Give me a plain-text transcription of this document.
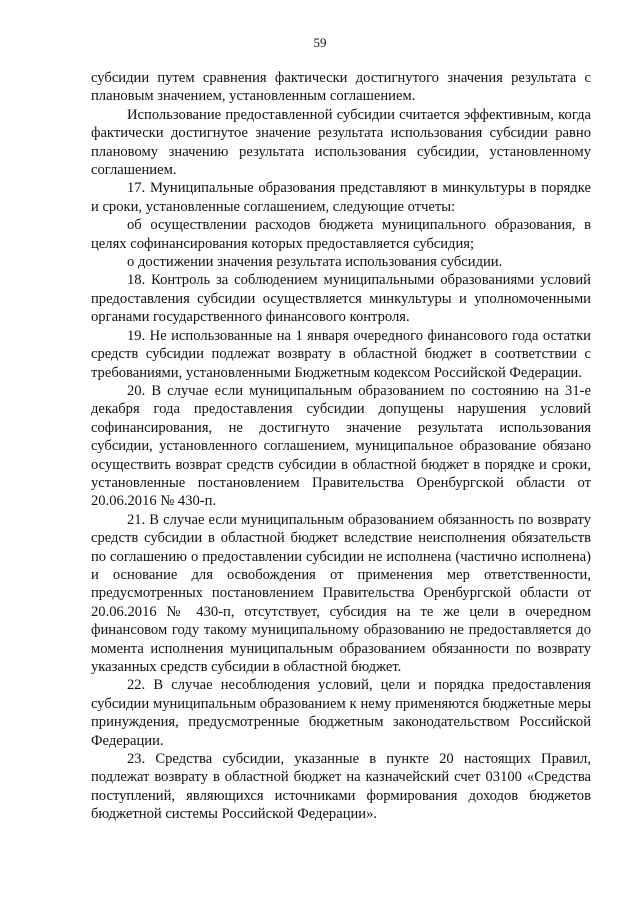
59

субсидии путем сравнения фактически достигнутого значения результата с плановым значением, установленным соглашением.

Использование предоставленной субсидии считается эффективным, когда фактически достигнутое значение результата использования субсидии равно плановому значению результата использования субсидии, установленному соглашением.

17. Муниципальные образования представляют в минкультуры в порядке и сроки, установленные соглашением, следующие отчеты:

об осуществлении расходов бюджета муниципального образования, в целях софинансирования которых предоставляется субсидия;

о достижении значения результата использования субсидии.

18. Контроль за соблюдением муниципальными образованиями условий предоставления субсидии осуществляется минкультуры и уполномоченными органами государственного финансового контроля.

19. Не использованные на 1 января очередного финансового года остатки средств субсидии подлежат возврату в областной бюджет в соответствии с требованиями, установленными Бюджетным кодексом Российской Федерации.

20. В случае если муниципальным образованием по состоянию на 31-е декабря года предоставления субсидии допущены нарушения условий софинансирования, не достигнуто значение результата использования субсидии, установленного соглашением, муниципальное образование обязано осуществить возврат средств субсидии в областной бюджет в порядке и сроки, установленные постановлением Правительства Оренбургской области от 20.06.2016 № 430-п.

21. В случае если муниципальным образованием обязанность по возврату средств субсидии в областной бюджет вследствие неисполнения обязательств по соглашению о предоставлении субсидии не исполнена (частично исполнена) и основание для освобождения от применения мер ответственности, предусмотренных постановлением Правительства Оренбургской области от 20.06.2016 № 430-п, отсутствует, субсидия на те же цели в очередном финансовом году такому муниципальному образованию не предоставляется до момента исполнения муниципальным образованием обязанности по возврату указанных средств субсидии в областной бюджет.

22. В случае несоблюдения условий, цели и порядка предоставления субсидии муниципальным образованием к нему применяются бюджетные меры принуждения, предусмотренные бюджетным законодательством Российской Федерации.

23. Средства субсидии, указанные в пункте 20 настоящих Правил, подлежат возврату в областной бюджет на казначейский счет 03100 «Средства поступлений, являющихся источниками формирования доходов бюджетов бюджетной системы Российской Федерации».
